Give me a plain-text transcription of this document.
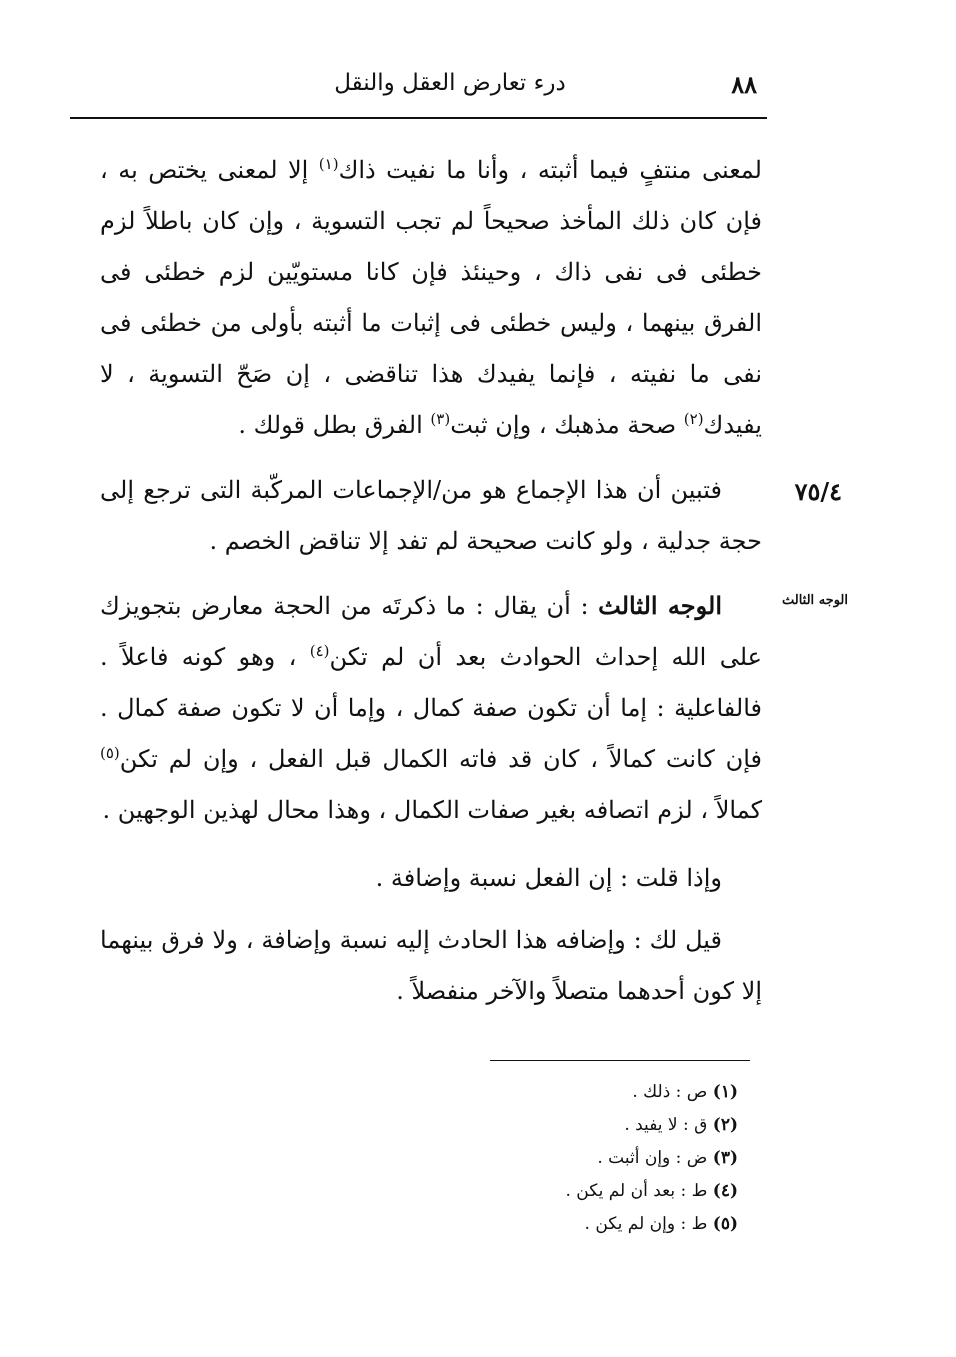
٨٨
درء تعارض العقل والنقل

لمعنى منتفٍ فيما أثبته ، وأنا ما نفيت ذاك$^{(١)}$ إلا لمعنى يختص به ، فإن كان ذلك المأخذ صحيحاً لم تجب التسوية ، وإن كان باطلاً لزم خطئى فى نفى ذاك ، وحينئذ فإن كانا مستويّين لزم خطئى فى الفرق بينهما ، وليس خطئى فى إثبات ما أثبته بأولى من خطئى فى نفى ما نفيته ، فإنما يفيدك هذا تناقضى ، إن صَحّ التسوية ، لا يفيدك$^{(٢)}$ صحة مذهبك ، وإن ثبت$^{(٣)}$ الفرق بطل قولك .

٧٥/٤

فتبين أن هذا الإجماع هو من/الإجماعات المركّبة التى ترجع إلى حجة جدلية ، ولو كانت صحيحة لم تفد إلا تناقض الخصم .

الوجه الثالث

الوجه الثالث : أن يقال : ما ذكرتَه من الحجة معارض بتجويزك على الله إحداث الحوادث بعد أن لم تكن$^{(٤)}$ ، وهو كونه فاعلاً . فالفاعلية : إما أن تكون صفة كمال ، وإما أن لا تكون صفة كمال . فإن كانت كمالاً ، كان قد فاته الكمال قبل الفعل ، وإن لم تكن$^{(٥)}$ كمالاً ، لزم اتصافه بغير صفات الكمال ، وهذا محال لهذين الوجهين .

وإذا قلت : إن الفعل نسبة وإضافة .

قيل لك : وإضافه هذا الحادث إليه نسبة وإضافة ، ولا فرق بينهما إلا كون أحدهما متصلاً والآخر منفصلاً .

(١) ص : ذلك .
(٢) ق : لا يفيد .
(٣) ض : وإن أثبت .
(٤) ط : بعد أن لم يكن .
(٥) ط : وإن لم يكن .
